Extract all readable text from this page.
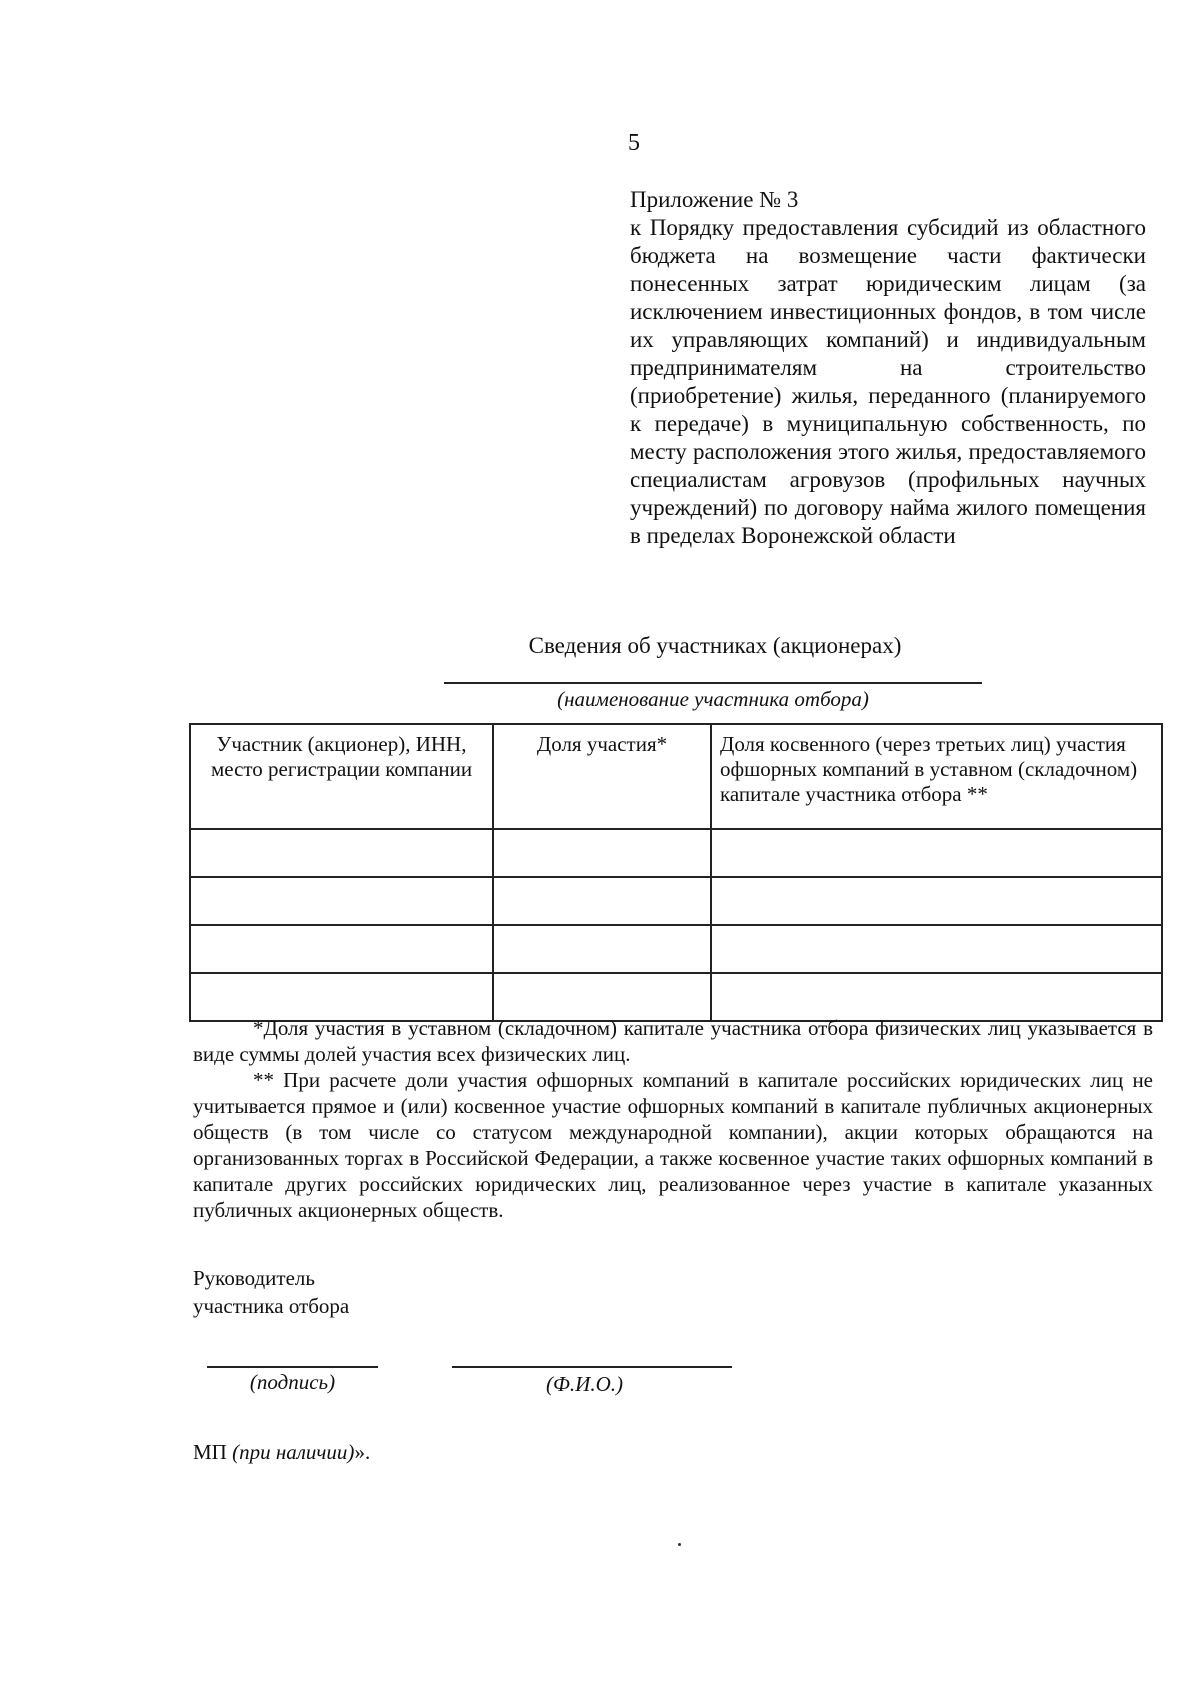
5

Приложение № 3

к Порядку предоставления субсидий из областного бюджета на возмещение части фактически понесенных затрат юридическим лицам (за исключением инвестиционных фондов, в том числе их управляющих компаний) и индивидуальным предпринимателям на строительство (приобретение) жилья, переданного (планируемого к передаче) в муниципальную собственность, по месту расположения этого жилья, предоставляемого специалистам агровузов (профильных научных учреждений) по договору найма жилого помещения в пределах Воронежской области

Сведения об участниках (акционерах)
(наименование участника отбора)
Участник (акционер), ИНН, место регистрации компании	Доля участия*	Доля косвенного (через третьих лиц) участия офшорных компаний в уставном (складочном) капитале участника отбора **

*Доля участия в уставном (складочном) капитале участника отбора физических лиц указывается в виде суммы долей участия всех физических лиц.

** При расчете доли участия офшорных компаний в капитале российских юридических лиц не учитывается прямое и (или) косвенное участие офшорных компаний в капитале публичных акционерных обществ (в том числе со статусом международной компании), акции которых обращаются на организованных торгах в Российской Федерации, а также косвенное участие таких офшорных компаний в капитале других российских юридических лиц, реализованное через участие в капитале указанных публичных акционерных обществ.

Руководитель
участника отбора
(подпись)	(Ф.И.О.)
МП (при наличии)».
